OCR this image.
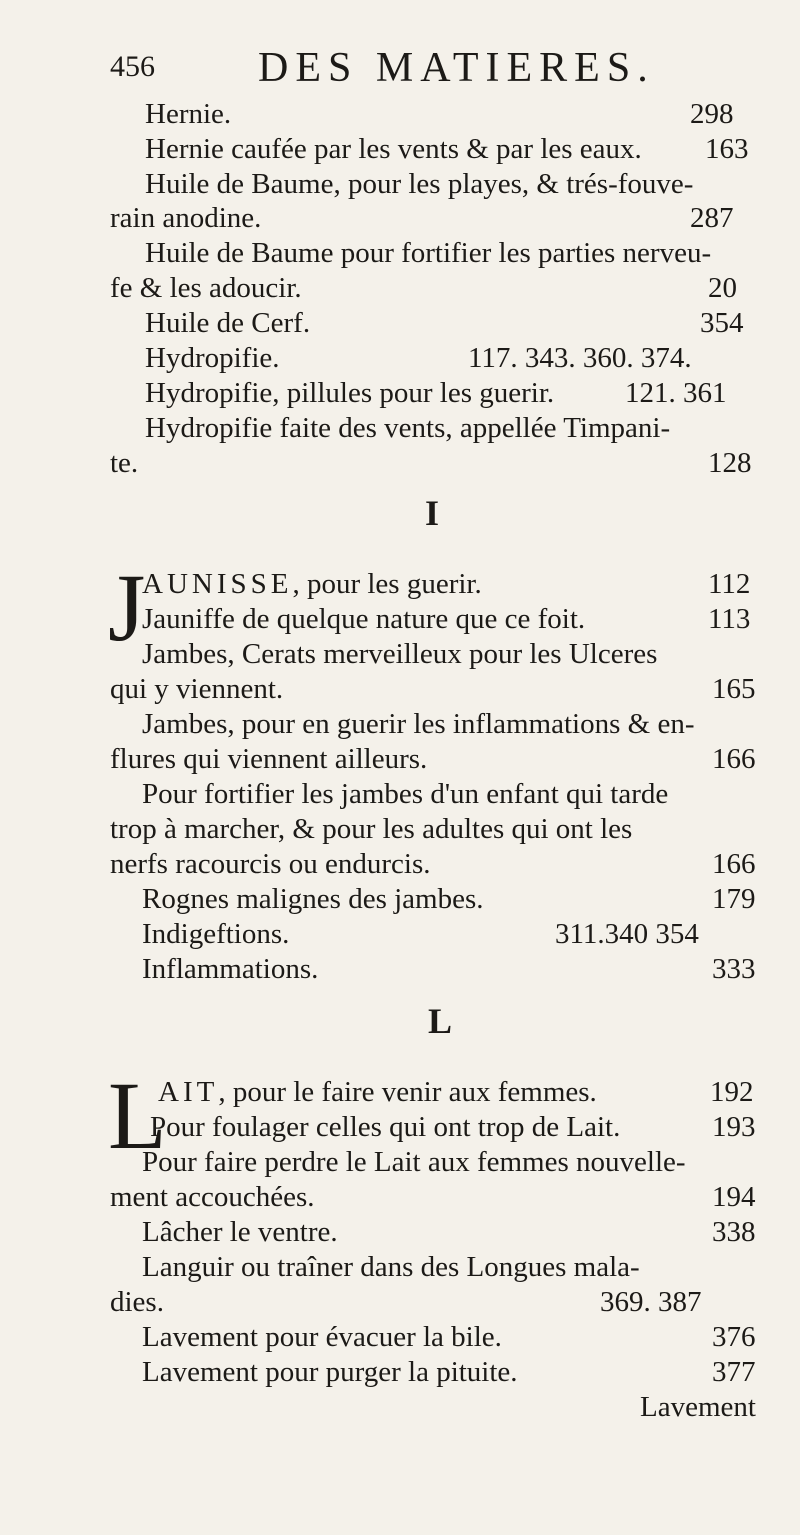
456 DES MATIERES.
Hernie.	298
Hernie caufée par les vents & par les eaux. 163
Huile de Baume, pour les playes, & trés-fouve-
rain anodine.	287
Huile de Baume pour fortifier les parties nerveu-
fe & les adoucir.	20
Huile de Cerf.	354
Hydropifie.	117. 343. 360. 374.
Hydropifie, pillules pour les guerir. 121. 361
Hydropifie faite des vents, appellée Timpani-
te.	128
I
J
AUNISSE, pour les guerir.	112
Jauniffe de quelque nature que ce foit.	113
Jambes, Cerats merveilleux pour les Ulceres
qui y viennent.	165
Jambes, pour en guerir les inflammations & en-
flures qui viennent ailleurs.	166
Pour fortifier les jambes d'un enfant qui tarde
trop à marcher, & pour les adultes qui ont les
nerfs racourcis ou endurcis.	166
Rognes malignes des jambes.	179
Indigeftions.	311.340 354
Inflammations.	333
L
L
AIT, pour le faire venir aux femmes.	192
Pour foulager celles qui ont trop de Lait.	193
Pour faire perdre le Lait aux femmes nouvelle-
ment accouchées.	194
Lâcher le ventre.	338
Languir ou traîner dans des Longues mala-
dies.	369. 387
Lavement pour évacuer la bile.	376
Lavement pour purger la pituite.	377
Lavement
